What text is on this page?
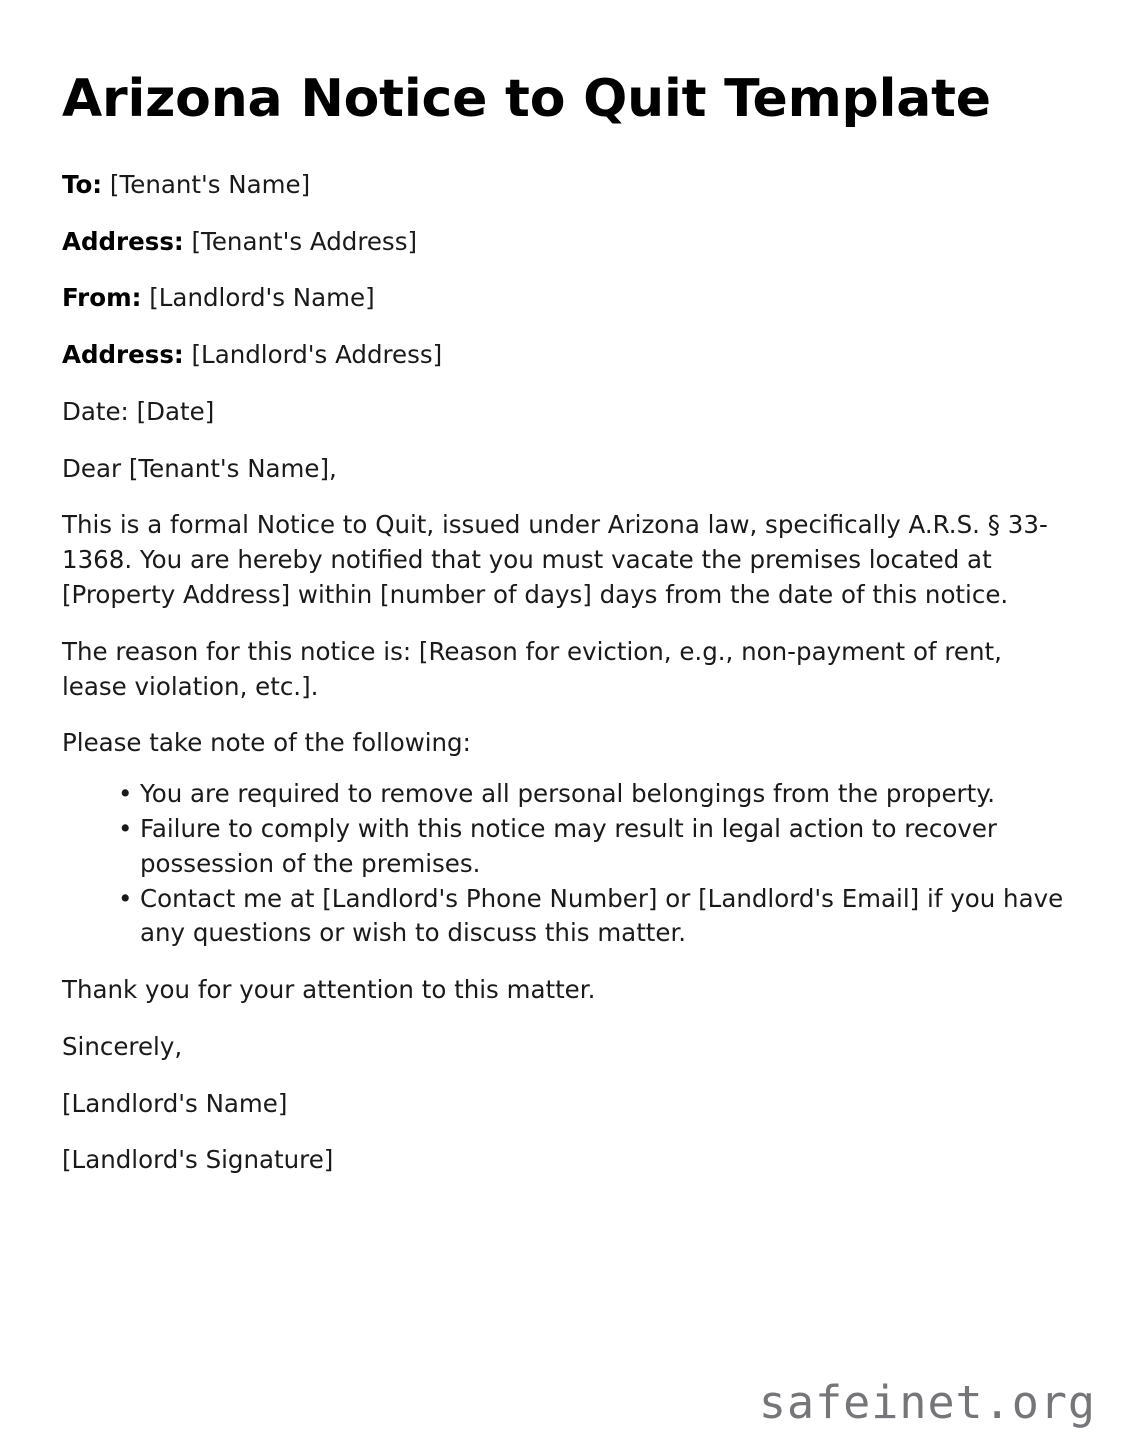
Arizona Notice to Quit Template

To: [Tenant's Name]

Address: [Tenant's Address]

From: [Landlord's Name]

Address: [Landlord's Address]

Date: [Date]

Dear [Tenant's Name],

This is a formal Notice to Quit, issued under Arizona law, specifically A.R.S. § 33-1368. You are hereby notified that you must vacate the premises located at [Property Address] within [number of days] days from the date of this notice.

The reason for this notice is: [Reason for eviction, e.g., non-payment of rent, lease violation, etc.].

Please take note of the following:

• You are required to remove all personal belongings from the property.
• Failure to comply with this notice may result in legal action to recover possession of the premises.
• Contact me at [Landlord's Phone Number] or [Landlord's Email] if you have any questions or wish to discuss this matter.

Thank you for your attention to this matter.

Sincerely,

[Landlord's Name]

[Landlord's Signature]

safeinet.org
